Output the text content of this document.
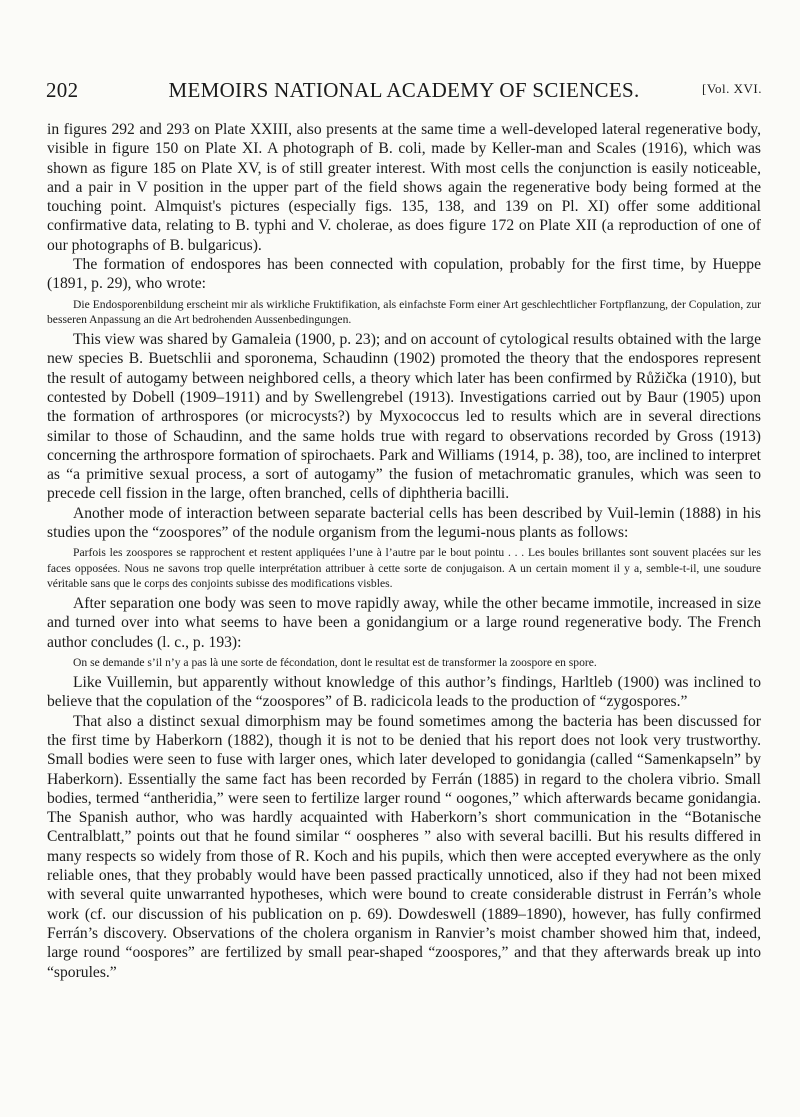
202	MEMOIRS NATIONAL ACADEMY OF SCIENCES.	[Vol. XVI.

in figures 292 and 293 on Plate XXIII, also presents at the same time a well-developed lateral regenerative body, visible in figure 150 on Plate XI. A photograph of B. coli, made by Keller-man and Scales (1916), which was shown as figure 185 on Plate XV, is of still greater interest. With most cells the conjunction is easily noticeable, and a pair in V position in the upper part of the field shows again the regenerative body being formed at the touching point. Almquist's pictures (especially figs. 135, 138, and 139 on Pl. XI) offer some additional confirmative data, relating to B. typhi and V. cholerae, as does figure 172 on Plate XII (a reproduction of one of our photographs of B. bulgaricus).

The formation of endospores has been connected with copulation, probably for the first time, by Hueppe (1891, p. 29), who wrote:

Die Endosporenbildung erscheint mir als wirkliche Fruktifikation, als einfachste Form einer Art geschlechtlicher Fortpflanzung, der Copulation, zur besseren Anpassung an die Art bedrohenden Aussenbedingungen.

This view was shared by Gamaleia (1900, p. 23); and on account of cytological results obtained with the large new species B. Buetschlii and sporonema, Schaudinn (1902) promoted the theory that the endospores represent the result of autogamy between neighbored cells, a theory which later has been confirmed by Růžička (1910), but contested by Dobell (1909–1911) and by Swellengrebel (1913). Investigations carried out by Baur (1905) upon the formation of arthrospores (or microcysts?) by Myxococcus led to results which are in several directions similar to those of Schaudinn, and the same holds true with regard to observations recorded by Gross (1913) concerning the arthrospore formation of spirochaets. Park and Williams (1914, p. 38), too, are inclined to interpret as “a primitive sexual process, a sort of autogamy” the fusion of metachromatic granules, which was seen to precede cell fission in the large, often branched, cells of diphtheria bacilli.

Another mode of interaction between separate bacterial cells has been described by Vuil-lemin (1888) in his studies upon the “zoospores” of the nodule organism from the legumi-nous plants as follows:

Parfois les zoospores se rapprochent et restent appliquées l’une à l’autre par le bout pointu . . . Les boules brillantes sont souvent placées sur les faces opposées. Nous ne savons trop quelle interprétation attribuer à cette sorte de conjugaison. A un certain moment il y a, semble-t-il, une soudure véritable sans que le corps des conjoints subisse des modifications visbles.

After separation one body was seen to move rapidly away, while the other became immotile, increased in size and turned over into what seems to have been a gonidangium or a large round regenerative body. The French author concludes (l. c., p. 193):

On se demande s’il n’y a pas là une sorte de fécondation, dont le resultat est de transformer la zoospore en spore.

Like Vuillemin, but apparently without knowledge of this author’s findings, Harltleb (1900) was inclined to believe that the copulation of the “zoospores” of B. radicicola leads to the production of “zygospores.”

That also a distinct sexual dimorphism may be found sometimes among the bacteria has been discussed for the first time by Haberkorn (1882), though it is not to be denied that his report does not look very trustworthy. Small bodies were seen to fuse with larger ones, which later developed to gonidangia (called “Samenkapseln” by Haberkorn). Essentially the same fact has been recorded by Ferrán (1885) in regard to the cholera vibrio. Small bodies, termed “antheridia,” were seen to fertilize larger round “ oogones,” which afterwards became gonidangia. The Spanish author, who was hardly acquainted with Haberkorn’s short communication in the “Botanische Centralblatt,” points out that he found similar “ oospheres ” also with several bacilli. But his results differed in many respects so widely from those of R. Koch and his pupils, which then were accepted everywhere as the only reliable ones, that they probably would have been passed practically unnoticed, also if they had not been mixed with several quite unwarranted hypotheses, which were bound to create considerable distrust in Ferrán’s whole work (cf. our discussion of his publication on p. 69). Dowdeswell (1889–1890), however, has fully confirmed Ferrán’s discovery. Observations of the cholera organism in Ranvier’s moist chamber showed him that, indeed, large round “oospores” are fertilized by small pear-shaped “zoospores,” and that they afterwards break up into “sporules.”
